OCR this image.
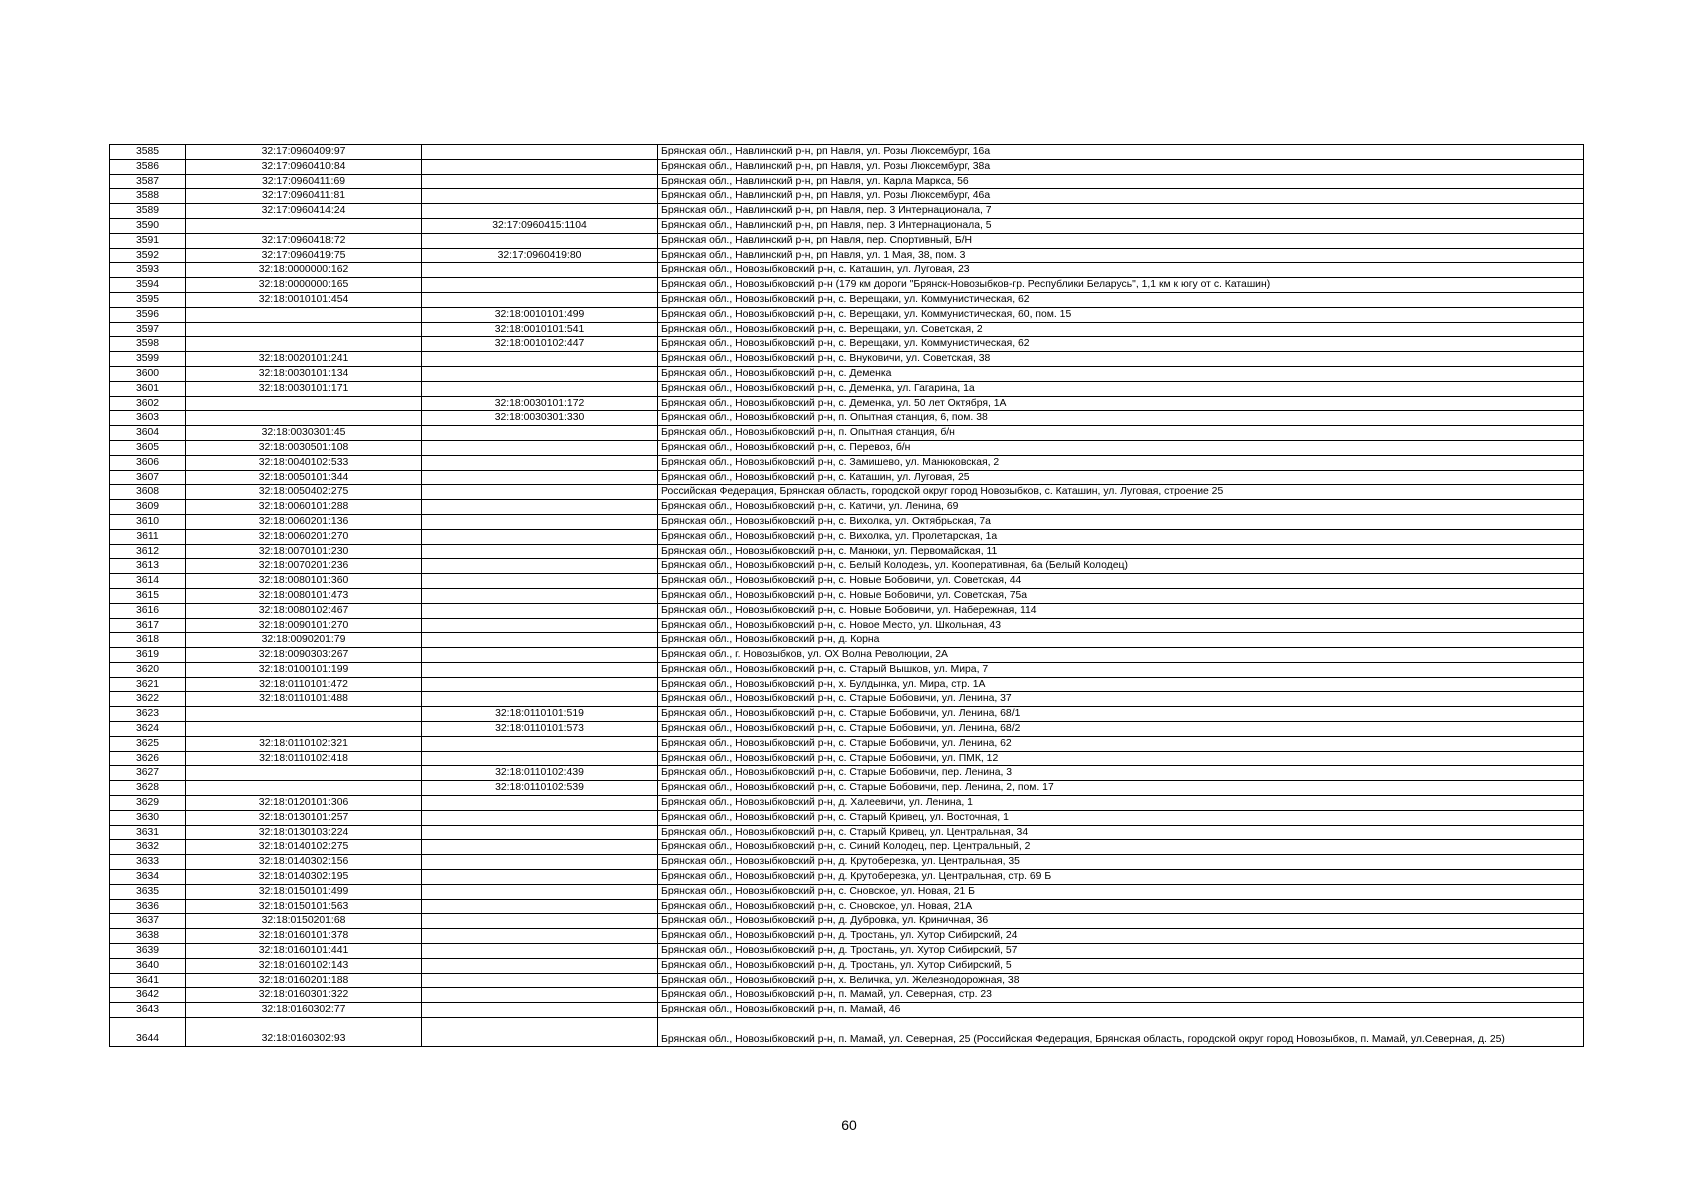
3585	32:17:0960409:97		Брянская обл., Навлинский р-н, рп Навля, ул. Розы Люксембург, 16а
3586	32:17:0960410:84		Брянская обл., Навлинский р-н, рп Навля, ул. Розы Люксембург, 38а
3587	32:17:0960411:69		Брянская обл., Навлинский р-н, рп Навля, ул. Карла Маркса, 56
3588	32:17:0960411:81		Брянская обл., Навлинский р-н, рп Навля, ул. Розы Люксембург, 46а
3589	32:17:0960414:24		Брянская обл., Навлинский р-н, рп Навля, пер. 3 Интернационала, 7
3590		32:17:0960415:1104	Брянская обл., Навлинский р-н, рп Навля, пер. 3 Интернационала, 5
3591	32:17:0960418:72		Брянская обл., Навлинский р-н, рп Навля, пер. Спортивный, Б/Н
3592	32:17:0960419:75	32:17:0960419:80	Брянская обл., Навлинский р-н, рп Навля, ул. 1 Мая, 38, пом. 3
3593	32:18:0000000:162		Брянская обл., Новозыбковский р-н, с. Каташин, ул. Луговая, 23
3594	32:18:0000000:165		Брянская обл., Новозыбковский р-н (179 км дороги "Брянск-Новозыбков-гр. Республики Беларусь", 1,1 км к югу от с. Каташин)
3595	32:18:0010101:454		Брянская обл., Новозыбковский р-н, с. Верещаки, ул. Коммунистическая, 62
3596		32:18:0010101:499	Брянская обл., Новозыбковский р-н, с. Верещаки, ул. Коммунистическая, 60, пом. 15
3597		32:18:0010101:541	Брянская обл., Новозыбковский р-н, с. Верещаки, ул. Советская, 2
3598		32:18:0010102:447	Брянская обл., Новозыбковский р-н, с. Верещаки, ул. Коммунистическая, 62
3599	32:18:0020101:241		Брянская обл., Новозыбковский р-н, с. Внуковичи, ул. Советская, 38
3600	32:18:0030101:134		Брянская обл., Новозыбковский р-н, с. Деменка
3601	32:18:0030101:171		Брянская обл., Новозыбковский р-н, с. Деменка, ул. Гагарина, 1а
3602		32:18:0030101:172	Брянская обл., Новозыбковский р-н, с. Деменка, ул. 50 лет Октября, 1А
3603		32:18:0030301:330	Брянская обл., Новозыбковский р-н, п. Опытная станция, 6, пом. 38
3604	32:18:0030301:45		Брянская обл., Новозыбковский р-н, п. Опытная станция, б/н
3605	32:18:0030501:108		Брянская обл., Новозыбковский р-н, с. Перевоз, б/н
3606	32:18:0040102:533		Брянская обл., Новозыбковский р-н, с. Замишево, ул. Манюковская, 2
3607	32:18:0050101:344		Брянская обл., Новозыбковский р-н, с. Каташин, ул. Луговая, 25
3608	32:18:0050402:275		Российская Федерация, Брянская область, городской округ город Новозыбков, с. Каташин, ул. Луговая, строение 25
3609	32:18:0060101:288		Брянская обл., Новозыбковский р-н, с. Катичи, ул. Ленина, 69
3610	32:18:0060201:136		Брянская обл., Новозыбковский р-н, с. Вихолка, ул. Октябрьская, 7а
3611	32:18:0060201:270		Брянская обл., Новозыбковский р-н, с. Вихолка, ул. Пролетарская, 1а
3612	32:18:0070101:230		Брянская обл., Новозыбковский р-н, с. Манюки, ул. Первомайская, 11
3613	32:18:0070201:236		Брянская обл., Новозыбковский р-н, с. Белый Колодезь, ул. Кооперативная, 6а (Белый Колодец)
3614	32:18:0080101:360		Брянская обл., Новозыбковский р-н, с. Новые Бобовичи, ул. Советская, 44
3615	32:18:0080101:473		Брянская обл., Новозыбковский р-н, с. Новые Бобовичи, ул. Советская, 75а
3616	32:18:0080102:467		Брянская обл., Новозыбковский р-н, с. Новые Бобовичи, ул. Набережная, 114
3617	32:18:0090101:270		Брянская обл., Новозыбковский р-н, с. Новое Место, ул. Школьная, 43
3618	32:18:0090201:79		Брянская обл., Новозыбковский р-н, д. Корна
3619	32:18:0090303:267		Брянская обл., г. Новозыбков, ул. ОХ Волна Революции, 2А
3620	32:18:0100101:199		Брянская обл., Новозыбковский р-н, с. Старый Вышков, ул. Мира, 7
3621	32:18:0110101:472		Брянская обл., Новозыбковский р-н, х. Булдынка, ул. Мира, стр. 1А
3622	32:18:0110101:488		Брянская обл., Новозыбковский р-н, с. Старые Бобовичи, ул. Ленина, 37
3623		32:18:0110101:519	Брянская обл., Новозыбковский р-н, с. Старые Бобовичи, ул. Ленина, 68/1
3624		32:18:0110101:573	Брянская обл., Новозыбковский р-н, с. Старые Бобовичи, ул. Ленина, 68/2
3625	32:18:0110102:321		Брянская обл., Новозыбковский р-н, с. Старые Бобовичи, ул. Ленина, 62
3626	32:18:0110102:418		Брянская обл., Новозыбковский р-н, с. Старые Бобовичи, ул. ПМК, 12
3627		32:18:0110102:439	Брянская обл., Новозыбковский р-н, с. Старые Бобовичи, пер. Ленина, 3
3628		32:18:0110102:539	Брянская обл., Новозыбковский р-н, с. Старые Бобовичи, пер. Ленина, 2, пом. 17
3629	32:18:0120101:306		Брянская обл., Новозыбковский р-н, д. Халеевичи, ул. Ленина, 1
3630	32:18:0130101:257		Брянская обл., Новозыбковский р-н, с. Старый Кривец, ул. Восточная, 1
3631	32:18:0130103:224		Брянская обл., Новозыбковский р-н, с. Старый Кривец, ул. Центральная, 34
3632	32:18:0140102:275		Брянская обл., Новозыбковский р-н, с. Синий Колодец, пер. Центральный, 2
3633	32:18:0140302:156		Брянская обл., Новозыбковский р-н, д. Крутоберезка, ул. Центральная, 35
3634	32:18:0140302:195		Брянская обл., Новозыбковский р-н, д. Крутоберезка, ул. Центральная, стр. 69 Б
3635	32:18:0150101:499		Брянская обл., Новозыбковский р-н, с. Сновское, ул. Новая, 21 Б
3636	32:18:0150101:563		Брянская обл., Новозыбковский р-н, с. Сновское, ул. Новая, 21А
3637	32:18:0150201:68		Брянская обл., Новозыбковский р-н, д. Дубровка, ул. Криничная, 36
3638	32:18:0160101:378		Брянская обл., Новозыбковский р-н, д. Тростань, ул. Хутор Сибирский, 24
3639	32:18:0160101:441		Брянская обл., Новозыбковский р-н, д. Тростань, ул. Хутор Сибирский, 57
3640	32:18:0160102:143		Брянская обл., Новозыбковский р-н, д. Тростань, ул. Хутор Сибирский, 5
3641	32:18:0160201:188		Брянская обл., Новозыбковский р-н, х. Величка, ул. Железнодорожная, 38
3642	32:18:0160301:322		Брянская обл., Новозыбковский р-н, п. Мамай, ул. Северная, стр. 23
3643	32:18:0160302:77		Брянская обл., Новозыбковский р-н, п. Мамай, 46
3644	32:18:0160302:93		Брянская обл., Новозыбковский р-н, п. Мамай, ул. Северная, 25 (Российская Федерация, Брянская область, городской округ город Новозыбков, п. Мамай, ул.Северная, д. 25)
60
